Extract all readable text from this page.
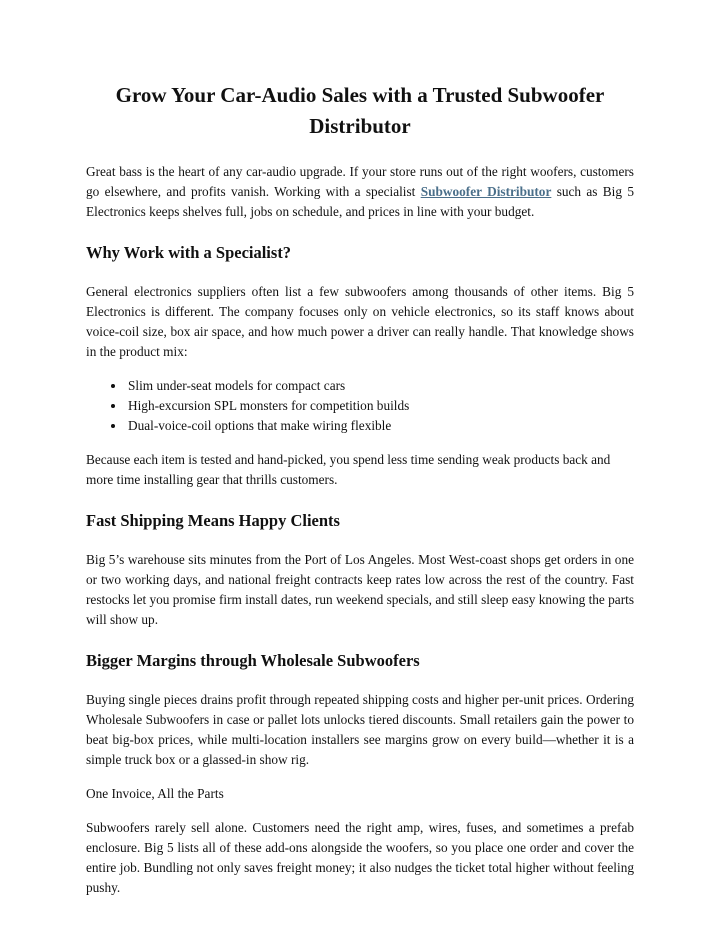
Grow Your Car-Audio Sales with a Trusted Subwoofer Distributor

Great bass is the heart of any car-audio upgrade. If your store runs out of the right woofers, customers go elsewhere, and profits vanish. Working with a specialist Subwoofer Distributor such as Big 5 Electronics keeps shelves full, jobs on schedule, and prices in line with your budget.

Why Work with a Specialist?

General electronics suppliers often list a few subwoofers among thousands of other items. Big 5 Electronics is different. The company focuses only on vehicle electronics, so its staff knows about voice-coil size, box air space, and how much power a driver can really handle. That knowledge shows in the product mix:

• Slim under-seat models for compact cars
• High-excursion SPL monsters for competition builds
• Dual-voice-coil options that make wiring flexible

Because each item is tested and hand-picked, you spend less time sending weak products back and more time installing gear that thrills customers.

Fast Shipping Means Happy Clients

Big 5’s warehouse sits minutes from the Port of Los Angeles. Most West-coast shops get orders in one or two working days, and national freight contracts keep rates low across the rest of the country. Fast restocks let you promise firm install dates, run weekend specials, and still sleep easy knowing the parts will show up.

Bigger Margins through Wholesale Subwoofers

Buying single pieces drains profit through repeated shipping costs and higher per-unit prices. Ordering Wholesale Subwoofers in case or pallet lots unlocks tiered discounts. Small retailers gain the power to beat big-box prices, while multi-location installers see margins grow on every build—whether it is a simple truck box or a glassed-in show rig.

One Invoice, All the Parts

Subwoofers rarely sell alone. Customers need the right amp, wires, fuses, and sometimes a prefab enclosure. Big 5 lists all of these add-ons alongside the woofers, so you place one order and cover the entire job. Bundling not only saves freight money; it also nudges the ticket total higher without feeling pushy.
